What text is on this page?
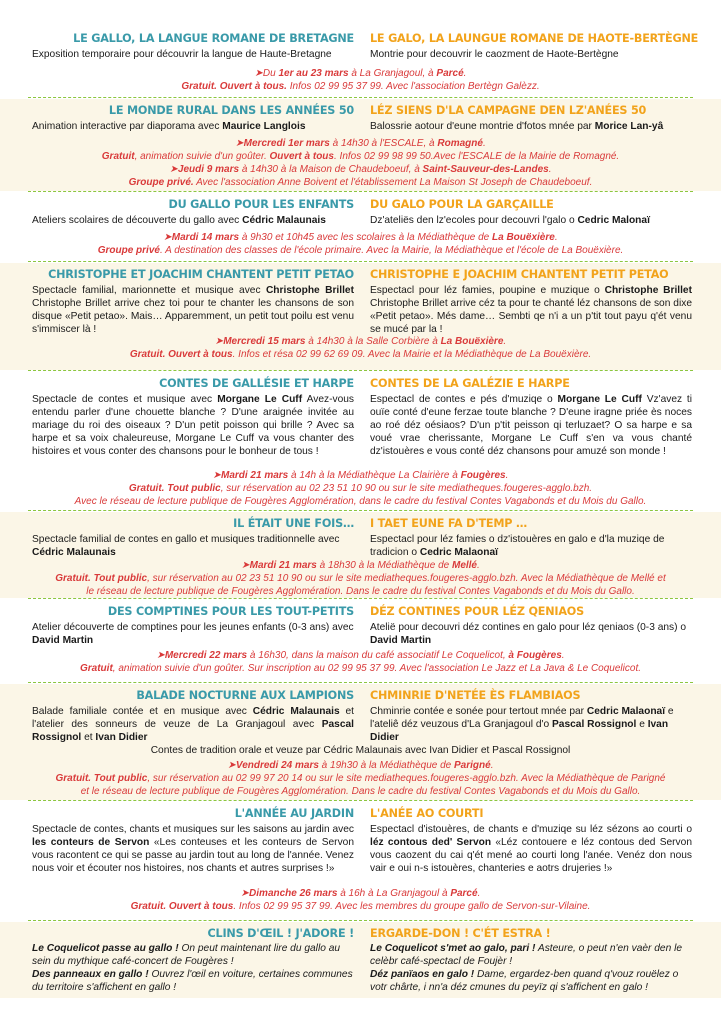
LE GALLO, LA LANGUE ROMANE DE BRETAGNE
Exposition temporaire pour découvrir la langue de Haute-Bretagne
LE GALO, LA LAUNGUE ROMANE DE HAOTE-BERTÈGNE
Montrie pour decouvrir le caozment de Haote-Bertègne
➤Du 1er au 23 mars à La Granjagoul, à Parcé.
Gratuit. Ouvert à tous. Infos 02 99 95 37 99. Avec l'association Bertègn Galèzz.
LE MONDE RURAL DANS LES ANNÉES 50
Animation interactive par diaporama avec Maurice Langlois
LÉZ SIENS D'LA CAMPAGNE DEN LZ'ANÉES 50
Balossrie aotour d'eune montrie d'fotos mnée par Morice Lan-yâ
➤Mercredi 1er mars à 14h30 à l'ESCALE, à Romagné.
Gratuit, animation suivie d'un goûter. Ouvert à tous. Infos 02 99 98 99 50.Avec l'ESCALE de la Mairie de Romagné.
➤Jeudi 9 mars à 14h30 à la Maison de Chaudeboeuf, à Saint-Sauveur-des-Landes.
Groupe privé. Avec l'association Anne Boivent et l'établissement La Maison St Joseph de Chaudeboeuf.
DU GALLO POUR LES ENFANTS
Ateliers scolaires de découverte du gallo avec Cédric Malaunais
DU GALO POUR LA GARÇAILLE
Dz'ateliës den lz'ecoles pour decouvri l'galo o Cedric Malonaï
➤Mardi 14 mars à 9h30 et 10h45 avec les scolaires à la Médiathèque de La Bouëxière.
Groupe privé. A destination des classes de l'école primaire. Avec la Mairie, la Médiathèque et l'école de La Bouëxière.
CHRISTOPHE ET JOACHIM CHANTENT PETIT PETAO
Spectacle familial, marionnette et musique avec Christophe Brillet Christophe Brillet arrive chez toi pour te chanter les chansons de son disque «Petit petao». Mais… Apparemment, un petit tout poilu est venu s'immiscer là !
CHRISTOPHE E JOACHIM CHANTENT PETIT PETAO
Espectacl pour léz famies, poupine e muzique o Christophe Brillet Christophe Brillet arrive céz ta pour te chanté léz chansons de son dixe «Petit petao». Més dame… Sembti qe n'i a un p'tit tout payu q'ét venu se mucé par la !
➤Mercredi 15 mars à 14h30 à la Salle Corbière à La Bouëxière.
Gratuit. Ouvert à tous. Infos et résa 02 99 62 69 09. Avec la Mairie et la Médiathèque de La Bouëxière.
CONTES DE GALLÉSIE ET HARPE
Spectacle de contes et musique avec Morgane Le Cuff Avez-vous entendu parler d'une chouette blanche ? D'une araignée invitée au mariage du roi des oiseaux ? D'un petit poisson qui brille ? Avec sa harpe et sa voix chaleureuse, Morgane Le Cuff va vous chanter des histoires et vous conter des chansons pour le bonheur de tous !
CONTES DE LA GALÉZIE E HARPE
Espectacl de contes e pés d'muziqe o Morgane Le Cuff Vz'avez ti ouïe conté d'eune ferzae toute blanche ? D'eune iragne priée ès noces ao roé déz oésiaos? D'un p'tit peisson qi terluzaet? O sa harpe e sa voué vrae cherissante, Morgane Le Cuff s'en va vous chanté dz'istouères e vous conté déz chansons pour amuzé son monde !
➤Mardi 21 mars à 14h à la Médiathèque La Clairière à Fougères.
Gratuit. Tout public, sur réservation au 02 23 51 10 90 ou sur le site mediatheques.fougeres-agglo.bzh.
Avec le réseau de lecture publique de Fougères Agglomération, dans le cadre du festival Contes Vagabonds et du Mois du Gallo.
IL ÉTAIT UNE FOIS…
Spectacle familial de contes en gallo et musiques traditionnelle avec Cédric Malaunais
I TAET EUNE FA D'TEMP …
Espectacl pour léz famies o dz'istouères en galo e d'la muziqe de tradicion o Cedric Malaonaï
➤Mardi 21 mars à 18h30 à la Médiathèque de Mellé.
Gratuit. Tout public, sur réservation au 02 23 51 10 90 ou sur le site mediatheques.fougeres-agglo.bzh. Avec la Médiathèque de Mellé et
le réseau de lecture publique de Fougères Agglomération. Dans le cadre du festival Contes Vagabonds et du Mois du Gallo.
DES COMPTINES POUR LES TOUT-PETITS
Atelier découverte de comptines pour les jeunes enfants (0-3 ans) avec David Martin
DÉZ CONTINES POUR LÉZ QENIAOS
Atelië pour decouvri déz contines en galo pour léz qeniaos (0-3 ans) o David Martin
➤Mercredi 22 mars à 16h30, dans la maison du café associatif Le Coquelicot, à Fougères.
Gratuit, animation suivie d'un goûter. Sur inscription au 02 99 95 37 99. Avec l'association Le Jazz et La Java & Le Coquelicot.
BALADE NOCTURNE AUX LAMPIONS
Balade familiale contée et en musique avec Cédric Malaunais et l'atelier des sonneurs de veuze de La Granjagoul avec Pascal Rossignol et Ivan Didier
CHMINRIE D'NETÉE ÈS FLAMBIAOS
Chminrie contée e sonée pour tertout mnée par Cedric Malaonaï e l'ateliê déz veuzous d'La Granjagoul d'o Pascal Rossignol e Ivan Didier
Contes de tradition orale et veuze par Cédric Malaunais avec Ivan Didier et Pascal Rossignol
➤Vendredi 24 mars à 19h30 à la Médiathèque de Parigné.
Gratuit. Tout public, sur réservation au 02 99 97 20 14 ou sur le site mediatheques.fougeres-agglo.bzh. Avec la Médiathèque de Parigné
et le réseau de lecture publique de Fougères Agglomération. Dans le cadre du festival Contes Vagabonds et du Mois du Gallo.
L'ANNÉE AU JARDIN
Spectacle de contes, chants et musiques sur les saisons au jardin avec les conteurs de Servon «Les conteuses et les conteurs de Servon vous racontent ce qui se passe au jardin tout au long de l'année. Venez nous voir et écouter nos histoires, nos chants et autres surprises !»
L'ANÉE AO COURTI
Espectacl d'istouères, de chants e d'muziqe su léz sézons ao courti o léz contous ded' Servon «Léz contouere e léz contous ded Servon vous caozent du cai q'ét mené ao courti long l'anée. Venéz don nous vair e oui n-s istouères, chanteries e aotrs drujeries !»
➤Dimanche 26 mars à 16h à La Granjagoul à Parcé.
Gratuit. Ouvert à tous. Infos 02 99 95 37 99. Avec les membres du groupe gallo de Servon-sur-Vilaine.
CLINS D'ŒIL ! J'ADORE !
Le Coquelicot passe au gallo ! On peut maintenant lire du gallo au sein du mythique café-concert de Fougères !
Des panneaux en gallo ! Ouvrez l'œil en voiture, certaines communes du territoire s'affichent en gallo !
ERGARDE-DON ! C'ÉT ESTRA !
Le Coquelicot s'met ao galo, pari ! Asteure, o peut n'en vaèr den le celèbr café-spectacl de Foujèr !
Déz panïaos en galo ! Dame, ergardez-ben quand q'vouz rouëlez o votr chârte, i nn'a déz cmunes du peyïz qi s'affichent en galo !
